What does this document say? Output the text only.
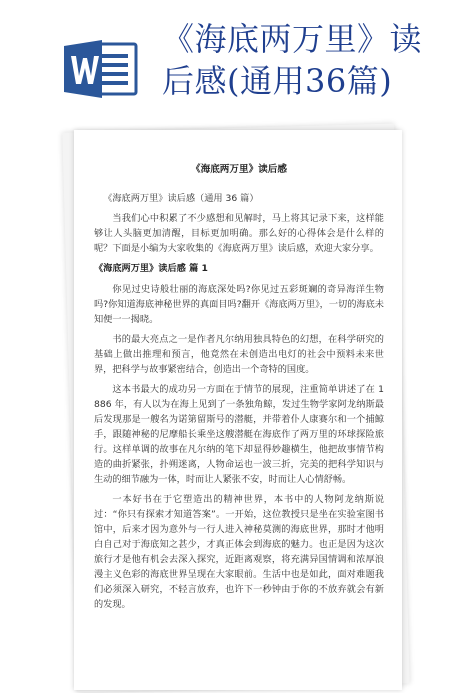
《海底两万里》读
后感(通用36篇)
《海底两万里》读后感
《海底两万里》读后感（通用 36 篇）
当我们心中积累了不少感想和见解时，马上将其记录下来，这样能够让人头脑更加清醒，目标更加明确。那么好的心得体会是什么样的呢？下面是小编为大家收集的《海底两万里》读后感，欢迎大家分享。
《海底两万里》读后感 篇 1
你见过史诗般壮丽的海底深处吗?你见过五彩斑斓的奇异海洋生物吗?你知道海底神秘世界的真面目吗?翻开《海底两万里》，一切的海底未知便一一揭晓。
书的最大亮点之一是作者凡尔纳用独具特色的幻想，在科学研究的基础上做出推理和预言，他竟然在未创造出电灯的社会中预料未来世界，把科学与故事紧密结合，创造出一个奇特的国度。
这本书最大的成功另一方面在于情节的展现，注重简单讲述了在 1886 年，有人以为在海上见到了一条独角鲸，发过生物学家阿龙纳斯最后发现那是一艘名为诺第留斯号的潜艇，并带着仆人康赛尔和一个捕鲸手，跟随神秘的尼摩船长乘坐这艘潜艇在海底作了两万里的环球探险旅行。这样单调的故事在凡尔纳的笔下却显得妙趣横生，他把故事情节构造的曲折紧张，扑朔迷离，人物命运也一波三折，完美的把科学知识与生动的细节融为一体，时而让人紧张不安，时而让人心情舒畅。
一本好书在于它塑造出的精神世界，本书中的人物阿龙纳斯说过：“你只有探索才知道答案”。一开始，这位教授只是坐在实验室图书馆中，后来才因为意外与一行人进入神秘莫测的海底世界，那时才他明白自己对于海底知之甚少，才真正体会到海底的魅力。也正是因为这次旅行才是他有机会去深入探究，近距离观察，将充满异国情调和浓厚浪漫主义色彩的海底世界呈现在大家眼前。生活中也是如此，面对难题我们必须深入研究，不轻言放弃，也许下一秒钟由于你的不放弃就会有新的发现。
